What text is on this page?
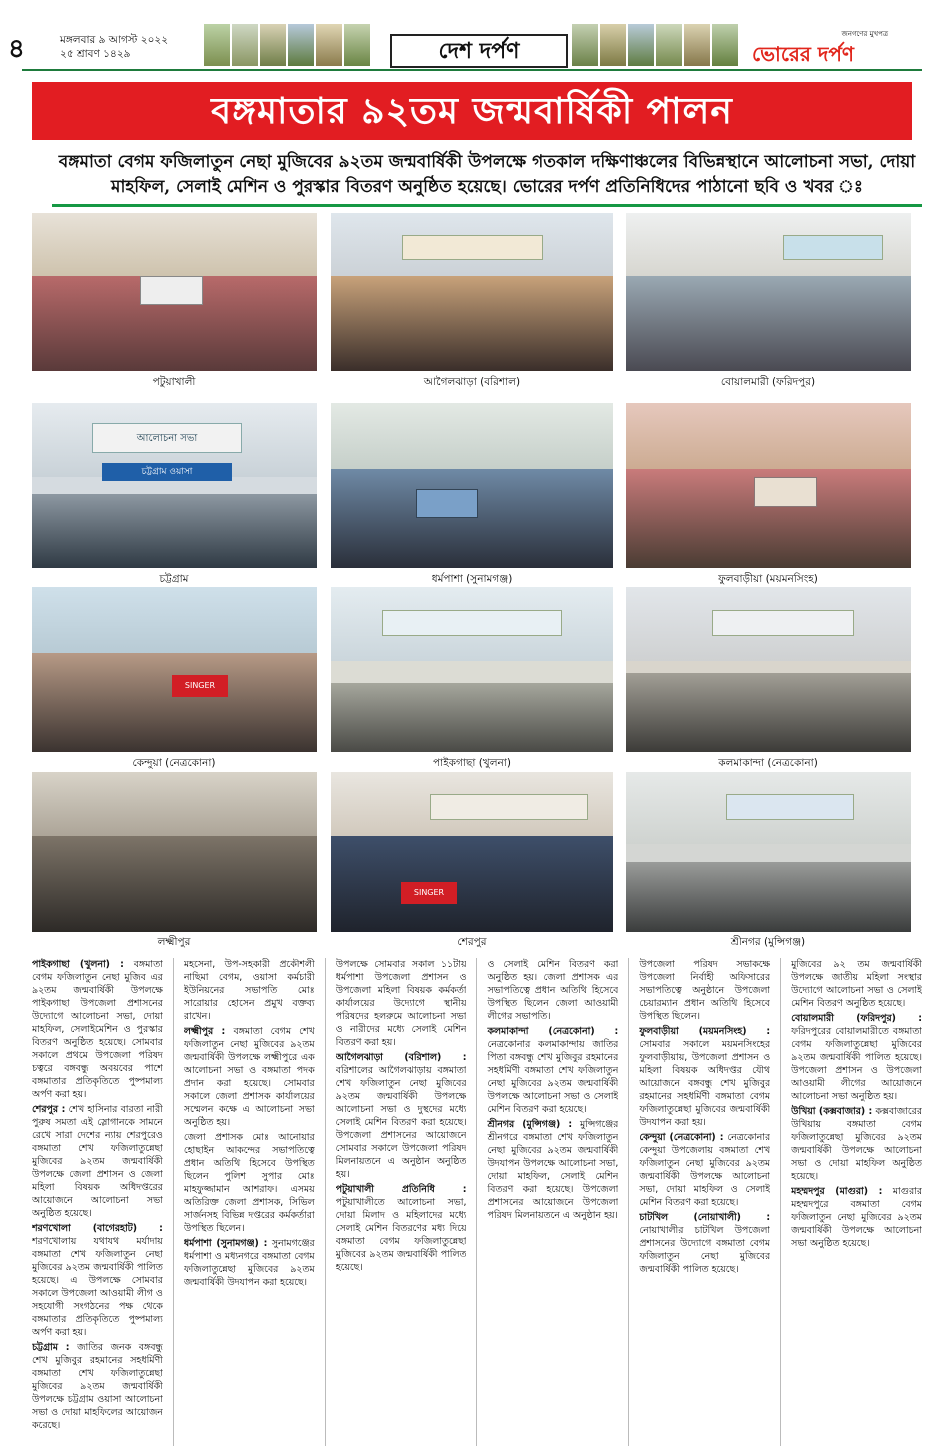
৪	মঙ্গলবার ৯ আগস্ট ২০২২
২৫ শ্রাবণ ১৪২৯	দেশ দর্পণ
জনগণের মুখপত্র
ভোরের দর্পণ
বঙ্গমাতার ৯২তম জন্মবার্ষিকী পালন
বঙ্গমাতা বেগম ফজিলাতুন নেছা মুজিবের ৯২তম জন্মবার্ষিকী উপলক্ষে গতকাল দক্ষিণাঞ্চলের বিভিন্নস্থানে আলোচনা সভা, দোয়া মাহফিল, সেলাই মেশিন ও পুরস্কার বিতরণ অনুষ্ঠিত হয়েছে। ভোরের দর্পণ প্রতিনিধিদের পাঠানো ছবি ও খবর ঃ
পটুয়াখালী	আগৈলঝাড়া (বরিশাল)	বোয়ালমারী (ফরিদপুর)
আলোচনা সভা
চট্টগ্রাম ওয়াসা
চট্টগ্রাম	ধর্মপাশা (সুনামগঞ্জ)	ফুলবাড়ীয়া (ময়মনসিংহ)
SINGER
কেন্দুয়া (নেত্রকোনা)	পাইকগাছা (খুলনা)	কলমাকান্দা (নেত্রকোনা)
লক্ষ্মীপুর
SINGER
শেরপুর	শ্রীনগর (মুন্সিগঞ্জ)

পাইকগাছা (খুলনা) : বঙ্গমাতা বেগম ফজিলাতুন নেছা মুজিব এর ৯২তম জন্মবার্ষিকী উপলক্ষে পাইকগাছা উপজেলা প্রশাসনের উদ্যোগে আলোচনা সভা, দোয়া মাহফিল, সেলাইমেশিন ও পুরস্কার বিতরণ অনুষ্ঠিত হয়েছে। সোমবার সকালে প্রথমে উপজেলা পরিষদ চত্বরে বঙ্গবন্ধু অবয়বের পাশে বঙ্গমাতার প্রতিকৃতিতে পুষ্পমাল্য অর্পণ করা হয়।

শেরপুর : শেখ হাসিনার বারতা নারী পুরুষ সমতা এই স্লোগানকে সামনে রেখে সারা দেশের ন্যায় শেরপুরেও বঙ্গমাতা শেখ ফজিলাতুন্নেছা মুজিবের ৯২তম জন্মবার্ষিকী উপলক্ষে জেলা প্রশাসন ও জেলা মহিলা বিষয়ক অধিদপ্তরের আয়োজনে আলোচনা সভা অনুষ্ঠিত হয়েছে।

শরণখোলা (বাগেরহাট) : শরণখোলায় যথাযথ মর্যাদায় বঙ্গমাতা শেখ ফজিলাতুন নেছা মুজিবের ৯২তম জন্মবার্ষিকী পালিত হয়েছে। এ উপলক্ষে সোমবার সকালে উপজেলা আওয়ামী লীগ ও সহযোগী সংগঠনের পক্ষ থেকে বঙ্গমাতার প্রতিকৃতিতে পুষ্পমাল্য অর্পণ করা হয়।

চট্টগ্রাম : জাতির জনক বঙ্গবন্ধু শেখ মুজিবুর রহমানের সহধর্মিণী বঙ্গমাতা শেখ ফজিলাতুন্নেছা মুজিবের ৯২তম জন্মবার্ষিকী উপলক্ষে চট্টগ্রাম ওয়াসা আলোচনা সভা ও দোয়া মাহফিলের আয়োজন করেছে।

মহসেনা, উপ-সহকারী প্রকৌশলী নাছিমা বেগম, ওয়াসা কর্মচারী ইউনিয়নের সভাপতি মোঃ সারোয়ার হোসেন প্রমুখ বক্তব্য রাখেন।

লক্ষ্মীপুর : বঙ্গমাতা বেগম শেখ ফজিলাতুন নেছা মুজিবের ৯২তম জন্মবার্ষিকী উপলক্ষে লক্ষ্মীপুরে এক আলোচনা সভা ও বঙ্গমাতা পদক প্রদান করা হয়েছে। সোমবার সকালে জেলা প্রশাসক কার্যালয়ের সম্মেলন কক্ষে এ আলোচনা সভা অনুষ্ঠিত হয়।

জেলা প্রশাসক মোঃ আনোয়ার হোছাইন আকন্দের সভাপতিত্বে প্রধান অতিথি হিসেবে উপস্থিত ছিলেন পুলিশ সুপার মোঃ মাহফুজ্জামান আশরাফ। এসময় অতিরিক্ত জেলা প্রশাসক, সিভিল সার্জনসহ বিভিন্ন দপ্তরের কর্মকর্তারা উপস্থিত ছিলেন।

ধর্মপাশা (সুনামগঞ্জ) : সুনামগঞ্জের ধর্মপাশা ও মধ্যনগরে বঙ্গমাতা বেগম ফজিলাতুন্নেছা মুজিবের ৯২তম জন্মবার্ষিকী উদযাপন করা হয়েছে।

উপলক্ষে সোমবার সকাল ১১টায় ধর্মপাশা উপজেলা প্রশাসন ও উপজেলা মহিলা বিষয়ক কর্মকর্তা কার্যালয়ের উদ্যোগে স্থানীয় পরিষদের হলরুমে আলোচনা সভা ও নারীদের মধ্যে সেলাই মেশিন বিতরণ করা হয়।

আগৈলঝাড়া (বরিশাল) : বরিশালের আগৈলঝাড়ায় বঙ্গমাতা শেখ ফজিলাতুন নেছা মুজিবের ৯২তম জন্মবার্ষিকী উপলক্ষে আলোচনা সভা ও দুস্থদের মধ্যে সেলাই মেশিন বিতরণ করা হয়েছে। উপজেলা প্রশাসনের আয়োজনে সোমবার সকালে উপজেলা পরিষদ মিলনায়তনে এ অনুষ্ঠান অনুষ্ঠিত হয়।

পটুয়াখালী প্রতিনিধি : পটুয়াখালীতে আলোচনা সভা, দোয়া মিলাদ ও মহিলাদের মধ্যে সেলাই মেশিন বিতরণের মধ্য দিয়ে বঙ্গমাতা বেগম ফজিলাতুন্নেছা মুজিবের ৯২তম জন্মবার্ষিকী পালিত হয়েছে।

ও সেলাই মেশিন বিতরণ করা অনুষ্ঠিত হয়। জেলা প্রশাসক এর সভাপতিত্বে প্রধান অতিথি হিসেবে উপস্থিত ছিলেন জেলা আওয়ামী লীগের সভাপতি।

কলমাকান্দা (নেত্রকোনা) : নেত্রকোনার কলমাকান্দায় জাতির পিতা বঙ্গবন্ধু শেখ মুজিবুর রহমানের সহধর্মিণী বঙ্গমাতা শেখ ফজিলাতুন নেছা মুজিবের ৯২তম জন্মবার্ষিকী উপলক্ষে আলোচনা সভা ও সেলাই মেশিন বিতরণ করা হয়েছে।

শ্রীনগর (মুন্সিগঞ্জ) : মুন্সিগঞ্জের শ্রীনগরে বঙ্গমাতা শেখ ফজিলাতুন নেছা মুজিবের ৯২তম জন্মবার্ষিকী উদযাপন উপলক্ষে আলোচনা সভা, দোয়া মাহফিল, সেলাই মেশিন বিতরণ করা হয়েছে। উপজেলা প্রশাসনের আয়োজনে উপজেলা পরিষদ মিলনায়তনে এ অনুষ্ঠান হয়।

উপজেলা পরিষদ সভাকক্ষে উপজেলা নির্বাহী অফিসারের সভাপতিত্বে অনুষ্ঠানে উপজেলা চেয়ারম্যান প্রধান অতিথি হিসেবে উপস্থিত ছিলেন।

ফুলবাড়ীয়া (ময়মনসিংহ) : সোমবার সকালে ময়মনসিংহের ফুলবাড়ীয়ায়, উপজেলা প্রশাসন ও মহিলা বিষয়ক অধিদপ্তর যৌথ আয়োজনে বঙ্গবন্ধু শেখ মুজিবুর রহমানের সহধর্মিণী বঙ্গমাতা বেগম ফজিলাতুন্নেছা মুজিবের জন্মবার্ষিকী উদযাপন করা হয়।

কেন্দুয়া (নেত্রকোনা) : নেত্রকোনার কেন্দুয়া উপজেলায় বঙ্গমাতা শেখ ফজিলাতুন নেছা মুজিবের ৯২তম জন্মবার্ষিকী উপলক্ষে আলোচনা সভা, দোয়া মাহফিল ও সেলাই মেশিন বিতরণ করা হয়েছে।

চাটখিল (নোয়াখালী) : নোয়াখালীর চাটখিল উপজেলা প্রশাসনের উদ্যোগে বঙ্গমাতা বেগম ফজিলাতুন নেছা মুজিবের জন্মবার্ষিকী পালিত হয়েছে।

মুজিবের ৯২ তম জন্মবার্ষিকী উপলক্ষে জাতীয় মহিলা সংস্থার উদ্যোগে আলোচনা সভা ও সেলাই মেশিন বিতরণ অনুষ্ঠিত হয়েছে।

বোয়ালমারী (ফরিদপুর) : ফরিদপুরের বোয়ালমারীতে বঙ্গমাতা বেগম ফজিলাতুন্নেছা মুজিবের ৯২তম জন্মবার্ষিকী পালিত হয়েছে। উপজেলা প্রশাসন ও উপজেলা আওয়ামী লীগের আয়োজনে আলোচনা সভা অনুষ্ঠিত হয়।

উখিয়া (কক্সবাজার) : কক্সবাজারের উখিয়ায় বঙ্গমাতা বেগম ফজিলাতুন্নেছা মুজিবের ৯২তম জন্মবার্ষিকী উপলক্ষে আলোচনা সভা ও দোয়া মাহফিল অনুষ্ঠিত হয়েছে।

মহম্মদপুর (মাগুরা) : মাগুরার মহম্মদপুরে বঙ্গমাতা বেগম ফজিলাতুন নেছা মুজিবের ৯২তম জন্মবার্ষিকী উপলক্ষে আলোচনা সভা অনুষ্ঠিত হয়েছে।
